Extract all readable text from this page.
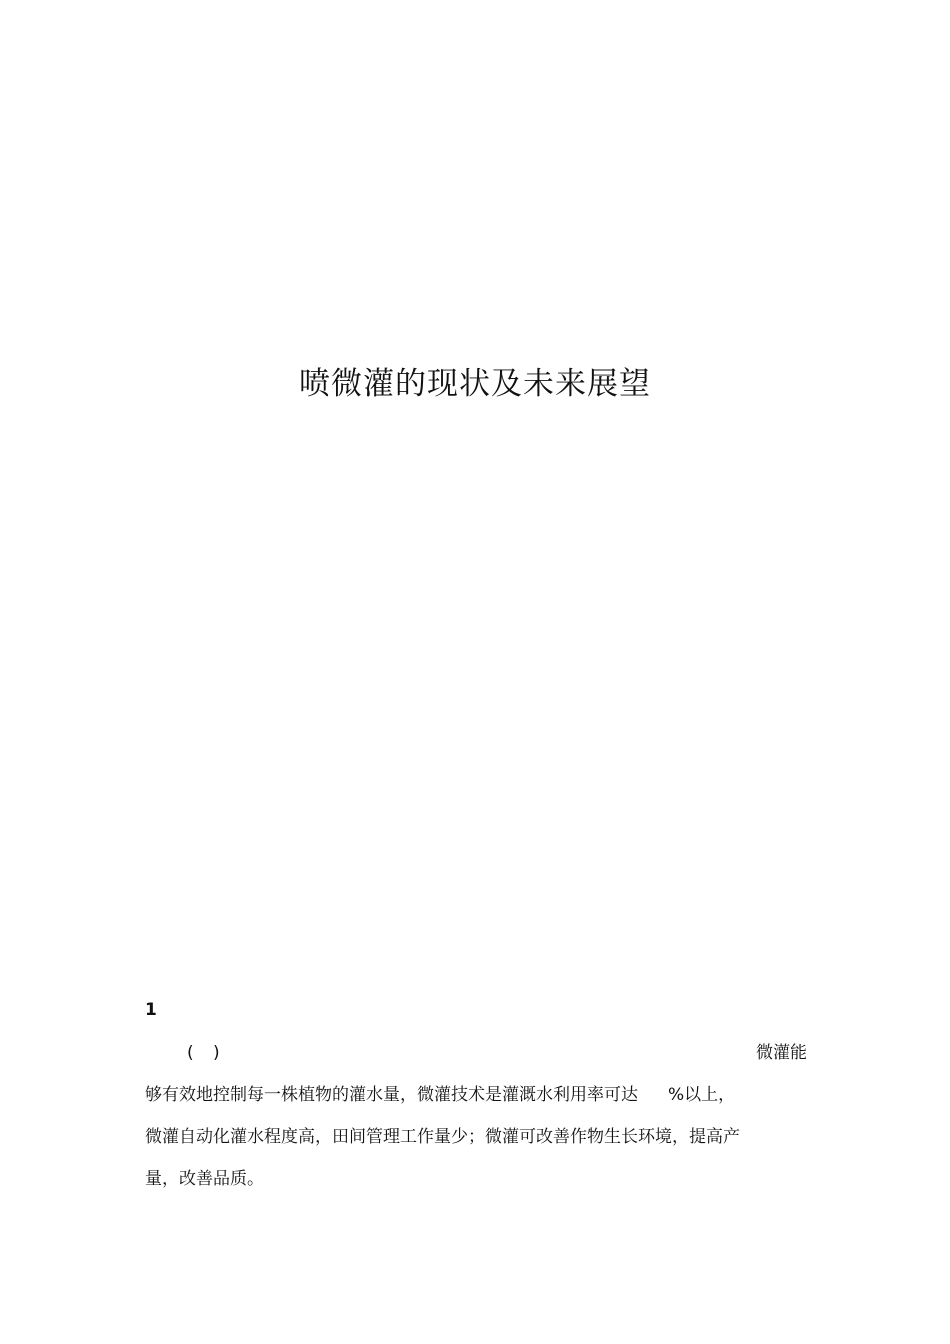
喷微灌的现状及未来展望
1
( )	微灌能
够有效地控制每一株植物的灌水量，微灌技术是灌溉水利用率可达 %以上，
微灌自动化灌水程度高，田间管理工作量少；微灌可改善作物生长环境，提高产
量，改善品质。
